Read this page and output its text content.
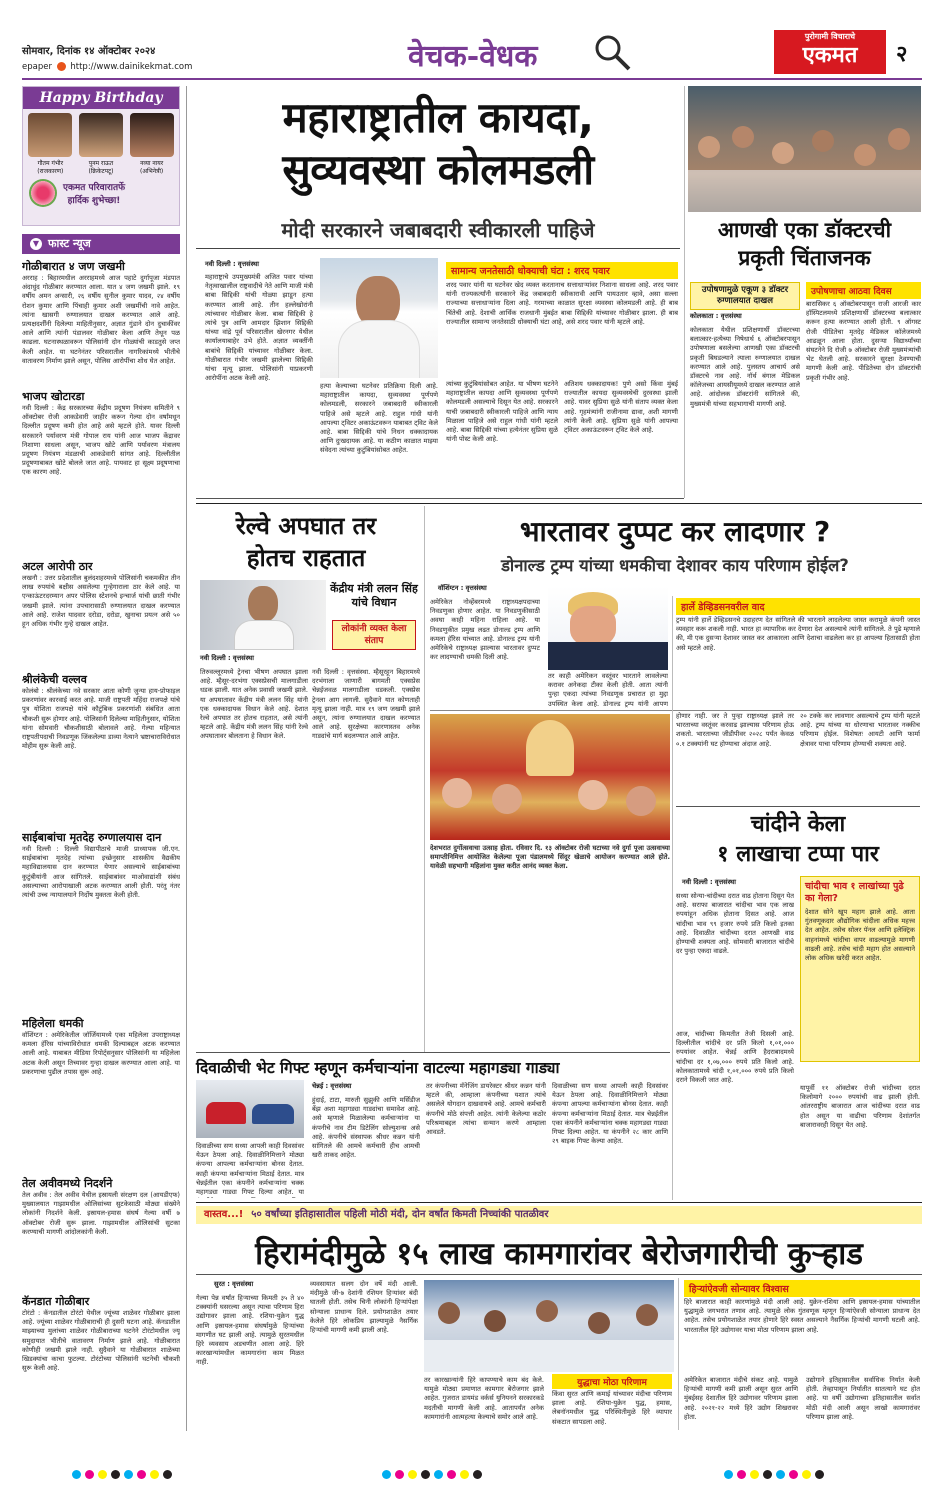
सोमवार, दिनांक १४ ऑक्टोबर २०२४
epaper http://www.dainikekmat.com	वेचक-वेधक
पुरोगामी विचाराचे
एकमत	२
Happy Birthday
गौतम गंभीर
(राजकारण)
पुनम राऊत
(क्रिकेटपटू)
नव्या नायर
(अभिनेत्री)
एकमत परिवारातर्फे
हार्दिक शुभेच्छा!
▼ फास्ट न्यूज
गोळीबारात ४ जण जखमी
अरराह : बिहारमधील अरराहमध्ये आज पहाटे दुर्गापूजा मंडपात अंदाधुंद गोळीबार करण्यात आला. यात ४ जण जखमी झाले. १९ वर्षीय अमन अन्सारी, २६ वर्षीय सुनील कुमार यादव, २४ वर्षीय रोशन कुमार आणि पिंचाही कुमार अशी जखमींची नावे आहेत. त्यांना खासगी रुग्णालयात दाखल करण्यात आले आहे. प्रत्यक्षदर्शींनी दिलेल्या माहितीनुसार, अज्ञात गुंडाने दोन दुचाकींवर आले आणि त्यांनी पंडालवर गोळीबार केला आणि तेथून पळ काढला. घटनास्थळावरून पोलिसांनी दोन गोळ्यांची काडतुसे जप्त केली आहेत. या घटनेनंतर परिसरातील नागरिकांमध्ये भीतीचे वातावरण निर्माण झाले असून, पोलिस आरोपींचा शोध घेत आहेत.
भाजप खोटारडा
नवी दिल्ली : केंद्र सरकारच्या केंद्रीय प्रदूषण नियंत्रण समितीने ९ ऑक्टोबर रोजी आकडेवारी जाहीर करून गेल्या दोन वर्षांमधून दिल्लीत प्रदूषण कमी होत आहे असे म्हटले होते. यावर दिल्ली सरकारने पर्यावरण मंत्री गोपाल राय यांनी आज भाजप केंद्रावर निशाणा साधला असून, भाजप खोटे आणि पर्यावरण मंत्रालय प्रदूषण नियंत्रण मंडळाची आकडेवारी सांगत आहे. दिल्लीतील प्रदूषणाबाबत खोटे बोलले जात आहे. पायवाट हा सूक्ष्म प्रदूषणाचा एक कारण आहे.
अटल आरोपी ठार
लखनौ : उत्तर प्रदेशातील बुलंदशहरमध्ये पोलिसांनी चकमकीत तीन लाख रुपयांचे बक्षीस असलेल्या गुन्हेगाराला ठार केले आहे. या एन्काऊंटरदरम्यान अपर पोलिस स्टेशनचे इन्चार्ज यांची छाती गंभीर जखमी झाले. त्यांना उपचारासाठी रुग्णालयात दाखल करण्यात आले आहे. राजेश यादवार दरोडा, दरोडा, खुनाचा प्रयत्न असे ५० हून अधिक गंभीर गुन्हे दाखल आहेत.
श्रीलंकेची वल्लव
कोलंबो : श्रीलंकेच्या नवे सरकार आता कोणी जुन्या हाय-प्रोफाइल प्रकरणांवर कारवाई करत आहे. माजी राष्ट्रपती महिंदा राजपक्षे यांचे पुत्र योशिता राजपक्षे यांचे कौटुंबिक प्रकरणांशी संबंधित आता चौकशी सुरू होणार आहे. पोलिसांनी दिलेल्या माहितीनुसार, योशिता यांना सोमवारी चौकशीसाठी बोलावले आहे. गेल्या महिन्यात राष्ट्रपतीपदाची निवडणूक जिंकलेल्या डाव्या नेत्याने भ्रष्टाचाराविरोधात मोहीम सुरू केली आहे.
साईबाबांचा मृतदेह रुग्णालयास दान
नवी दिल्ली : दिल्ली विद्यापीठाचे माजी प्राध्यापक जी.एन. साईबाबांचा मृतदेह त्यांच्या इच्छेनुसार शासकीय वैद्यकीय महाविद्यालयास दान करण्यात येणार असल्याचे साईबाबांच्या कुटुंबीयांनी आज सांगितले. साईबाबांवर माओवाद्यांशी संबंध असल्याच्या आरोपाखाली अटक करण्यात आली होती. परंतु नंतर त्यांची उच्च न्यायालयाने निर्दोष मुक्तता केली होती.
महिलेला धमकी
वॉशिंग्टन : अमेरिकेतील जॉर्जियामध्ये एका महिलेला उपराष्ट्राध्यक्ष कमला हॅरिस यांच्याविरोधात धमकी दिल्याबद्दल अटक करण्यात आली आहे. याबाबत मीडिया रिपोर्ट्सनुसार पोलिसांनी या महिलेला अटक केली असून तिच्यावर गुन्हा दाखल करण्यात आला आहे. या प्रकरणाचा पुढील तपास सुरू आहे.
तेल अवीवमध्ये निदर्शने
तेल अवीव : तेल अवीव येथील इस्रायली संरक्षण दल (आयडीएफ) मुख्यालयात गाझामधील ओलिसांच्या सुटकेसाठी मोठ्या संख्येने लोकांनी निदर्शने केली. इस्रायल-हमास संघर्ष गेल्या वर्षी ७ ऑक्टोबर रोजी सुरू झाला. गाझामधील ओलिसांची सुटका करण्याची मागणी आंदोलकांनी केली.
कॅनडात गोळीबार
टोरंटो : कॅनडातील टोरंटो येथील ज्यूंच्या शाळेवर गोळीबार झाला आहे. ज्यूंच्या शाळेवर गोळीबाराची ही दुसरी घटना आहे. कॅनडातील माझ्याच्या मुलांच्या शाळेवर गोळीबाराच्या घटनेने टोरंटोमधील ज्यू समुदायात भीतीचे वातावरण निर्माण झाले आहे. गोळीबारात कोणीही जखमी झाले नाही. सुदैवाने या गोळीबारात शाळेच्या खिडक्यांचा काचा फुटल्या. टोरंटोच्या पोलिसांनी घटनेची चौकशी सुरू केली आहे.
महाराष्ट्रातील कायदा,
सुव्यवस्था कोलमडली
मोदी सरकारने जबाबदारी स्वीकारली पाहिजे
नवी दिल्ली : वृत्तसंस्था
महाराष्ट्राचे उपमुख्यमंत्री अजित पवार यांच्या नेतृत्वाखालील राष्ट्रवादीचे नेते आणि माजी मंत्री बाबा सिद्दिकी यांची गोळ्या झाडून हत्या करण्यात आली आहे. तीन हल्लेखोरांनी त्यांच्यावर गोळीबार केला. बाबा सिद्दिकी हे त्यांचे पुत्र आणि आमदार झिशान सिद्दिकी यांच्या वांद्रे पूर्व परिसरातील खेरनगर येथील कार्यालयाबाहेर उभे होते. अज्ञात व्यक्तींनी बाबांचे सिद्दिकी यांच्यावर गोळीबार केला. गोळीबारात गंभीर जखमी झालेल्या सिद्दिकी यांचा मृत्यू झाला. पोलिसांनी याप्रकरणी आरोपींना अटक केली आहे.
हत्या केल्याच्या घटनेवर प्रतिक्रिया दिली आहे. महाराष्ट्रातील कायदा, सुव्यवस्था पूर्णपणे कोलमडली, सरकारने जबाबदारी स्वीकारली पाहिजे असे म्हटले आहे. राहुल गांधी यांनी आपल्या ट्विटर अकाऊंटवरून याबाबत ट्विट केले आहे. बाबा सिद्दिकी यांचे निधन धक्कादायक आणि दुःखदायक आहे. या कठीण काळात माझ्या संवेदना त्यांच्या कुटुंबियांसोबत आहेत.
त्यांच्या कुटुंबियांसोबत आहेत. या भीषण घटनेने महाराष्ट्रातील कायदा आणि सुव्यवस्था पूर्णपणे कोलमडली असल्याचे दिसून येत आहे. सरकारने याची जबाबदारी स्वीकारली पाहिजे आणि न्याय मिळाला पाहिजे असे राहुल गांधी यांनी म्हटले आहे. बाबा सिद्दिकी यांच्या हत्येनंतर सुप्रिया सुळे यांनी पोस्ट केली आहे.
सामान्य जनतेसाठी धोक्याची घंटा : शरद पवार
शरद पवार यांनी या घटनेवर खेद व्यक्त करतानाच सत्ताधाऱ्यांवर निशाना साधला आहे. शरद पवार यांनी राज्यकर्त्यांनी सरकारने केंद्र जबाबदारी स्वीकारावी आणि पायउतार व्हावे, असा सल्ला राज्याच्या सत्ताधाऱ्यांना दिला आहे. गरमाच्या काळात सुरक्षा व्यवस्था कोलमडली आहे. ही बाब चिंतेची आहे. देशाची आर्थिक राजधानी मुंबईत बाबा सिद्दिकी यांच्यावर गोळीबार झाला. ही बाब राज्यातील सामान्य जनतेसाठी धोक्याची घंटा आहे, असे शरद पवार यांनी म्हटले आहे.
अतिशय धक्कादायक! पुणे असो किंवा मुंबई राज्यातील कायदा सुव्यवस्थेची दुरवस्था झाली आहे. यावर सुप्रिया सुळे यांनी संताप व्यक्त केला आहे. गृहमंत्र्यांनी राजीनामा द्यावा, अशी मागणी त्यांनी केली आहे. सुप्रिया सुळे यांनी आपल्या ट्विटर अकाऊंटवरून ट्विट केले आहे.
आणखी एका डॉक्टरची
प्रकृती चिंताजनक
उपोषणामुळे एकूण ३ डॉक्टर रुग्णालयात दाखल
कोलकाता : वृत्तसंस्था
कोलकाता येथील प्रशिक्षणार्थी डॉक्टरच्या बलात्कार-हत्येच्या निषेधार्थ ६ ऑक्टोबरपासून उपोषणाला बसलेल्या आणखी एका डॉक्टरची प्रकृती बिघडल्याने त्याला रुग्णालयात दाखल करण्यात आले आहे. पुलस्तय आचार्य असे डॉक्टरचे नाव आहे. नॉर्थ बंगाल मेडिकल कॉलेजच्या आयसीयूमध्ये दाखल करण्यात आले आहे. आंदोलक डॉक्टरांनी सांगितले की, मुख्यमंत्री यांच्या सहभागाची मागणी आहे.
उपोषणाचा आठवा दिवस
बारासिकर ६ ऑक्टोबरपासून राजी आरजी कार हॉस्पिटलमध्ये प्रशिक्षणार्थी डॉक्टरच्या बलात्कार करून हत्या करण्यात आली होती. ९ ऑगस्ट रोजी पीडितेचा मृतदेह मेडिकल कॉलेजमध्ये आढळून आला होता. दुसऱ्या विद्यार्थ्यांच्या संघटनेने दि रोजी ७ ऑक्टोबर रोजी मुख्यमंत्र्यांची भेट घेतली आहे. सरकारने सुरक्षा ठेवण्याची मागणी केली आहे. पीडितेच्या दोन डॉक्टरांची प्रकृती गंभीर आहे.
रेल्वे अपघात तर
होतच राहतात
केंद्रीय मंत्री ललन सिंह
यांचे विधान
लोकांनी व्यक्त केला संताप
नवी दिल्ली : वृत्तसंस्था
तिरुवल्लूरमध्ये ट्रेनचा भीषण अपघात झाला आहे. म्हैसूर-दरभंगा एक्सप्रेसची मालगाडीला धडक झाली. यात अनेक प्रवासी जखमी झाले. या अपघातावर केंद्रीय मंत्री ललन सिंह यांनी एक धक्कादायक विधान केले आहे. देशात रेल्वे अपघात तर होतच राहतात, असे त्यांनी म्हटले आहे. केंद्रीय मंत्री ललन सिंह यांनी रेल्वे अपघातावर बोलताना हे विधान केले.
नवी दिल्ली : वृत्तसंस्था. म्हैसूरहून बिहारमध्ये दरभंगाला जाणारी बागमती एक्सप्रेस चेन्नईजवळ मालगाडीला धडकली. एक्स्प्रेस ट्रेनला आग लागली. सुदैवाने यात कोणताही मृत्यू झाला नाही. मात्र १९ जण जखमी झाले असून, त्यांना रुग्णालयात दाखल करण्यात आले आहे. सुरक्षेच्या कारणास्तव अनेक गाड्यांचे मार्ग बदलण्यात आले आहेत.
भारतावर दुप्पट कर लादणार ?
डोनाल्ड ट्रम्प यांच्या धमकीचा देशावर काय परिणाम होईल?
वॉशिंग्टन : वृत्तसंस्था
अमेरिकेत नोव्हेंबरमध्ये राष्ट्राध्यक्षपदाच्या निवडणुका होणार आहेत. या निवडणुकीसाठी अवघा काही महिना राहिला आहे. या निवडणुकीत प्रमुख लढत डोनाल्ड ट्रम्प आणि कमला हॅरिस यांच्यात आहे. डोनाल्ड ट्रम्प यांनी अमेरिकेचे राष्ट्राध्यक्ष झाल्यास भारतावर दुप्पट कर लादण्याची धमकी दिली आहे.
तर काही अमेरिकन वस्तूंवर भारताने लावलेल्या करावर अनेकदा टीका केली होती. आता त्यांनी पुन्हा एकदा त्यांच्या निवडणूक प्रचारात हा मुद्दा उपस्थित केला आहे. डोनाल्ड ट्रम्प यांनी आपण
हार्ले डेव्हिडसनवरील वाद
ट्रम्प यांनी हार्ले डेव्हिडसनचे उदाहरण देत सांगितले की भारताने लादलेल्या जास्त करामुळे कंपनी जास्त व्यवहार करू शकली नाही. भारत हा व्यापारिक कर देणारा देश असल्याचे त्यांनी सांगितले. ते पुढे म्हणाले की, मी एक दुसऱ्या देशावर जास्त कर आकारला आणि देशाचा वाढलेला कर हा आपल्या हितासाठी होता असे म्हटले आहे.
देशभरात दुर्गोत्सवाचा उत्साह होता. रविवार दि. १३ ऑक्टोबर रोजी घटाच्या नवे दुर्गा पूजा उत्सवाच्या समाप्तीनिमित्त आयोजित केलेल्या पूजा पंडालमध्ये सिंदूर खेळाचे आयोजन करण्यात आले होते. यावेळी सहभागी महिलांना मुक्त करीत आनंद व्यक्त केला.
होणार नाही. जर ते पुन्हा राष्ट्राध्यक्ष झाले तर भारताच्या वस्तूंवर करवाढ झाल्यास परिणाम होऊ शकतो. भारताच्या जीडीपीवर २०२८ पर्यंत केवळ ०.१ टक्क्यांनी घट होण्याचा अंदाज आहे.
२० टक्के कर लावणार असल्याचे ट्रम्प यांनी म्हटले आहे. ट्रम्प यांच्या या धोरणाचा भारतावर नक्कीच परिणाम होईल. विशेषतः आयटी आणि फार्मा क्षेत्रावर याचा परिणाम होण्याची शक्यता आहे.
चांदीने केला
१ लाखाचा टप्पा पार
नवी दिल्ली : वृत्तसंस्था
सध्या सोन्या-चांदीच्या दरात वाढ होताना दिसून येत आहे. सराफा बाजारात चांदीचा भाव एक लाख रुपयांहून अधिक होताना दिसत आहे. आज चांदीचा भाव ९९ हजार रुपये प्रति किलो इतका आहे. दिवाळीत चांदीच्या दरात आणखी वाढ होण्याची शक्यता आहे. सोमवारी बाजारात चांदीचे दर पुन्हा एकदा वाढले.
आज, चांदीच्या किमतीत तेजी दिसली आहे. दिल्लीतील चांदीचे दर प्रति किलो १,०१,००० रुपयांवर आहेत. चेन्नई आणि हैदराबादमध्ये चांदीचा दर १,०७,००० रुपये प्रति किलो आहे. कोलकातामध्ये चांदी १,०१,००० रुपये प्रति किलो दराने विकली जात आहे.
चांदीचा भाव १ लाखांच्या पुढे का गेला?
देशात सोने खूप महाग झाले आहे. आता गुंतवणूकदार औद्योगिक चांदीला अधिक महत्त्व देत आहेत. तसेच सोलर पॅनल आणि इलेक्ट्रिक वाहनांमध्ये चांदीचा वापर वाढल्यामुळे मागणी वाढली आहे. तसेच चांदी महाग होत असल्याने लोक अधिक खरेदी करत आहेत.
यापूर्वी ११ ऑक्टोबर रोजी चांदीच्या दरात किलोमागे २००० रुपयांची वाढ झाली होती. आंतरराष्ट्रीय बाजारात आज चांदीच्या दरात वाढ होत असून या वाढीचा परिणाम देशांतर्गत बाजारावरही दिसून येत आहे.
दिवाळीची भेट गिफ्ट म्हणून कर्मचाऱ्यांना वाटल्या महागड्या गाड्या
चेन्नई : वृत्तसंस्था
दिवाळीच्या सण सध्या आपली काही दिवसांवर येऊन ठेपला आहे. दिवाळीनिमित्ताने मोठ्या कंपन्या आपल्या कर्मचाऱ्यांना बोनस देतात. काही कंपन्या कर्मचाऱ्यांना मिठाई देतात. मात्र चेन्नईतील एका कंपनीने कर्मचाऱ्यांना चक्क महागड्या गाड्या गिफ्ट दिल्या आहेत. या
हुंदाई, टाटा, मारुती सुझुकी आणि मर्सिडीज बेंझ अशा महागड्या गाड्यांचा समावेश आहे. असे म्हणाले मिळालेल्या कर्मचाऱ्यांना या कंपनीचे नाव टीम डिटेलिंग सोल्युशन्स असे आहे. कंपनीचे संस्थापक श्रीधर कन्नन यांनी सांगितले की आमचे कर्मचारी हीच आमची खरी ताकद आहेत.
तर कंपनीच्या मॅनेजिंग डायरेक्टर श्रीधर कन्नन यांनी म्हटले की, आम्हाला कंपनीच्या यशात त्यांचे असलेले योगदान दाखवायचे आहे. आमचे कर्मचारी कंपनीचे मोठे संपत्ती आहेत. त्यांनी केलेल्या कठोर परिश्रमाबद्दल त्यांचा सन्मान करणे आम्हाला आवडते.
दिवाळीच्या सण सध्या आपली काही दिवसांवर येऊन ठेपला आहे. दिवाळीनिमित्ताने मोठ्या कंपन्या आपल्या कर्मचाऱ्यांना बोनस देतात. काही कंपन्या कर्मचाऱ्यांना मिठाई देतात. मात्र चेन्नईतील एका कंपनीने कर्मचाऱ्यांना चक्क महागड्या गाड्या गिफ्ट दिल्या आहेत. या कंपनीने २८ कार आणि २९ बाइक गिफ्ट केल्या आहेत.
वास्तव...! ५० वर्षांच्या इतिहासातील पहिली मोठी मंदी, दोन वर्षांत किमती निच्चांकी पातळीवर
हिरामंदीमुळे १५ लाख कामगारांवर बेरोजगारीची कुऱ्हाड
सुरत : वृत्तसंस्था
गेल्या पेन्न वर्षांत हिऱ्याच्या किमती ३५ ते ४० टक्क्यांनी घसरल्या असून त्याचा परिणाम हिरा उद्योगावर झाला आहे. रशिया-युक्रेन युद्ध आणि इस्रायल-हमास संघर्षामुळे हिऱ्यांच्या मागणीत घट झाली आहे. त्यामुळे सुरतमधील हिरे व्यवसाय अडचणीत आला आहे. हिरे कारखान्यांमधील कामगारांना काम मिळत नाही.
व्यवसायात सलग दोन वर्षे मंदी आली. मंदीमुळे जी-७ देशांनी रशियन हिऱ्यांवर बंदी घातली होती. तसेच चिनी लोकांनी हिऱ्यांपेक्षा सोन्याला प्राधान्य दिले. प्रयोगशाळेत तयार केलेले हिरे लोकप्रिय झाल्यामुळे नैसर्गिक हिऱ्यांची मागणी कमी झाली आहे.
तर कारखान्यांनी हिरे कापण्याचे काम बंद केले. यामुळे मोठ्या प्रमाणात कामगार बेरोजगार झाले आहेत. गुजरात डायमंड वर्कर्स युनियनने सरकारकडे मदतीची मागणी केली आहे. आतापर्यंत अनेक कामगारांनी आत्महत्या केल्याचे समोर आले आहे.
युद्धाचा मोठा परिणाम
किंवा सुरत आणि कमाई यांच्यावर मंदीचा परिणाम झाला आहे. रशिया-युक्रेन युद्ध, हमास, लेबनॉनमधील युद्ध परिस्थितीमुळे हिरे व्यापार संकटात सापडला आहे.
हिऱ्यांऐवजी सोन्यावर विश्वास
हिरे बाजारात काही कारणांमुळे मंदी आली आहे. युक्रेन-रशिया आणि इस्रायल-हमास यांच्यातील युद्धामुळे जगभरात तणाव आहे. त्यामुळे लोक गुंतवणूक म्हणून हिऱ्यांऐवजी सोन्याला प्राधान्य देत आहेत. तसेच प्रयोगशाळेत तयार होणारे हिरे स्वस्त असल्याने नैसर्गिक हिऱ्यांची मागणी घटली आहे. भारतातील हिरे उद्योगावर याचा मोठा परिणाम झाला आहे.
अमेरिकेत बाजारात मंदीचे संकट आहे. यामुळे हिऱ्यांची मागणी कमी झाली असून सुरत आणि मुंबईसह देशातील हिरे उद्योगावर परिणाम झाला आहे. २०२१-२२ मध्ये हिरे उद्योग शिखरावर होता.
उद्योगाने इतिहासातील सर्वाधिक निर्यात केली होती. तेव्हापासून निर्यातीत सातत्याने घट होत आहे. या वर्षी उद्योगाच्या इतिहासातील सर्वात मोठी मंदी आली असून लाखो कामगारांवर परिणाम झाला आहे.
